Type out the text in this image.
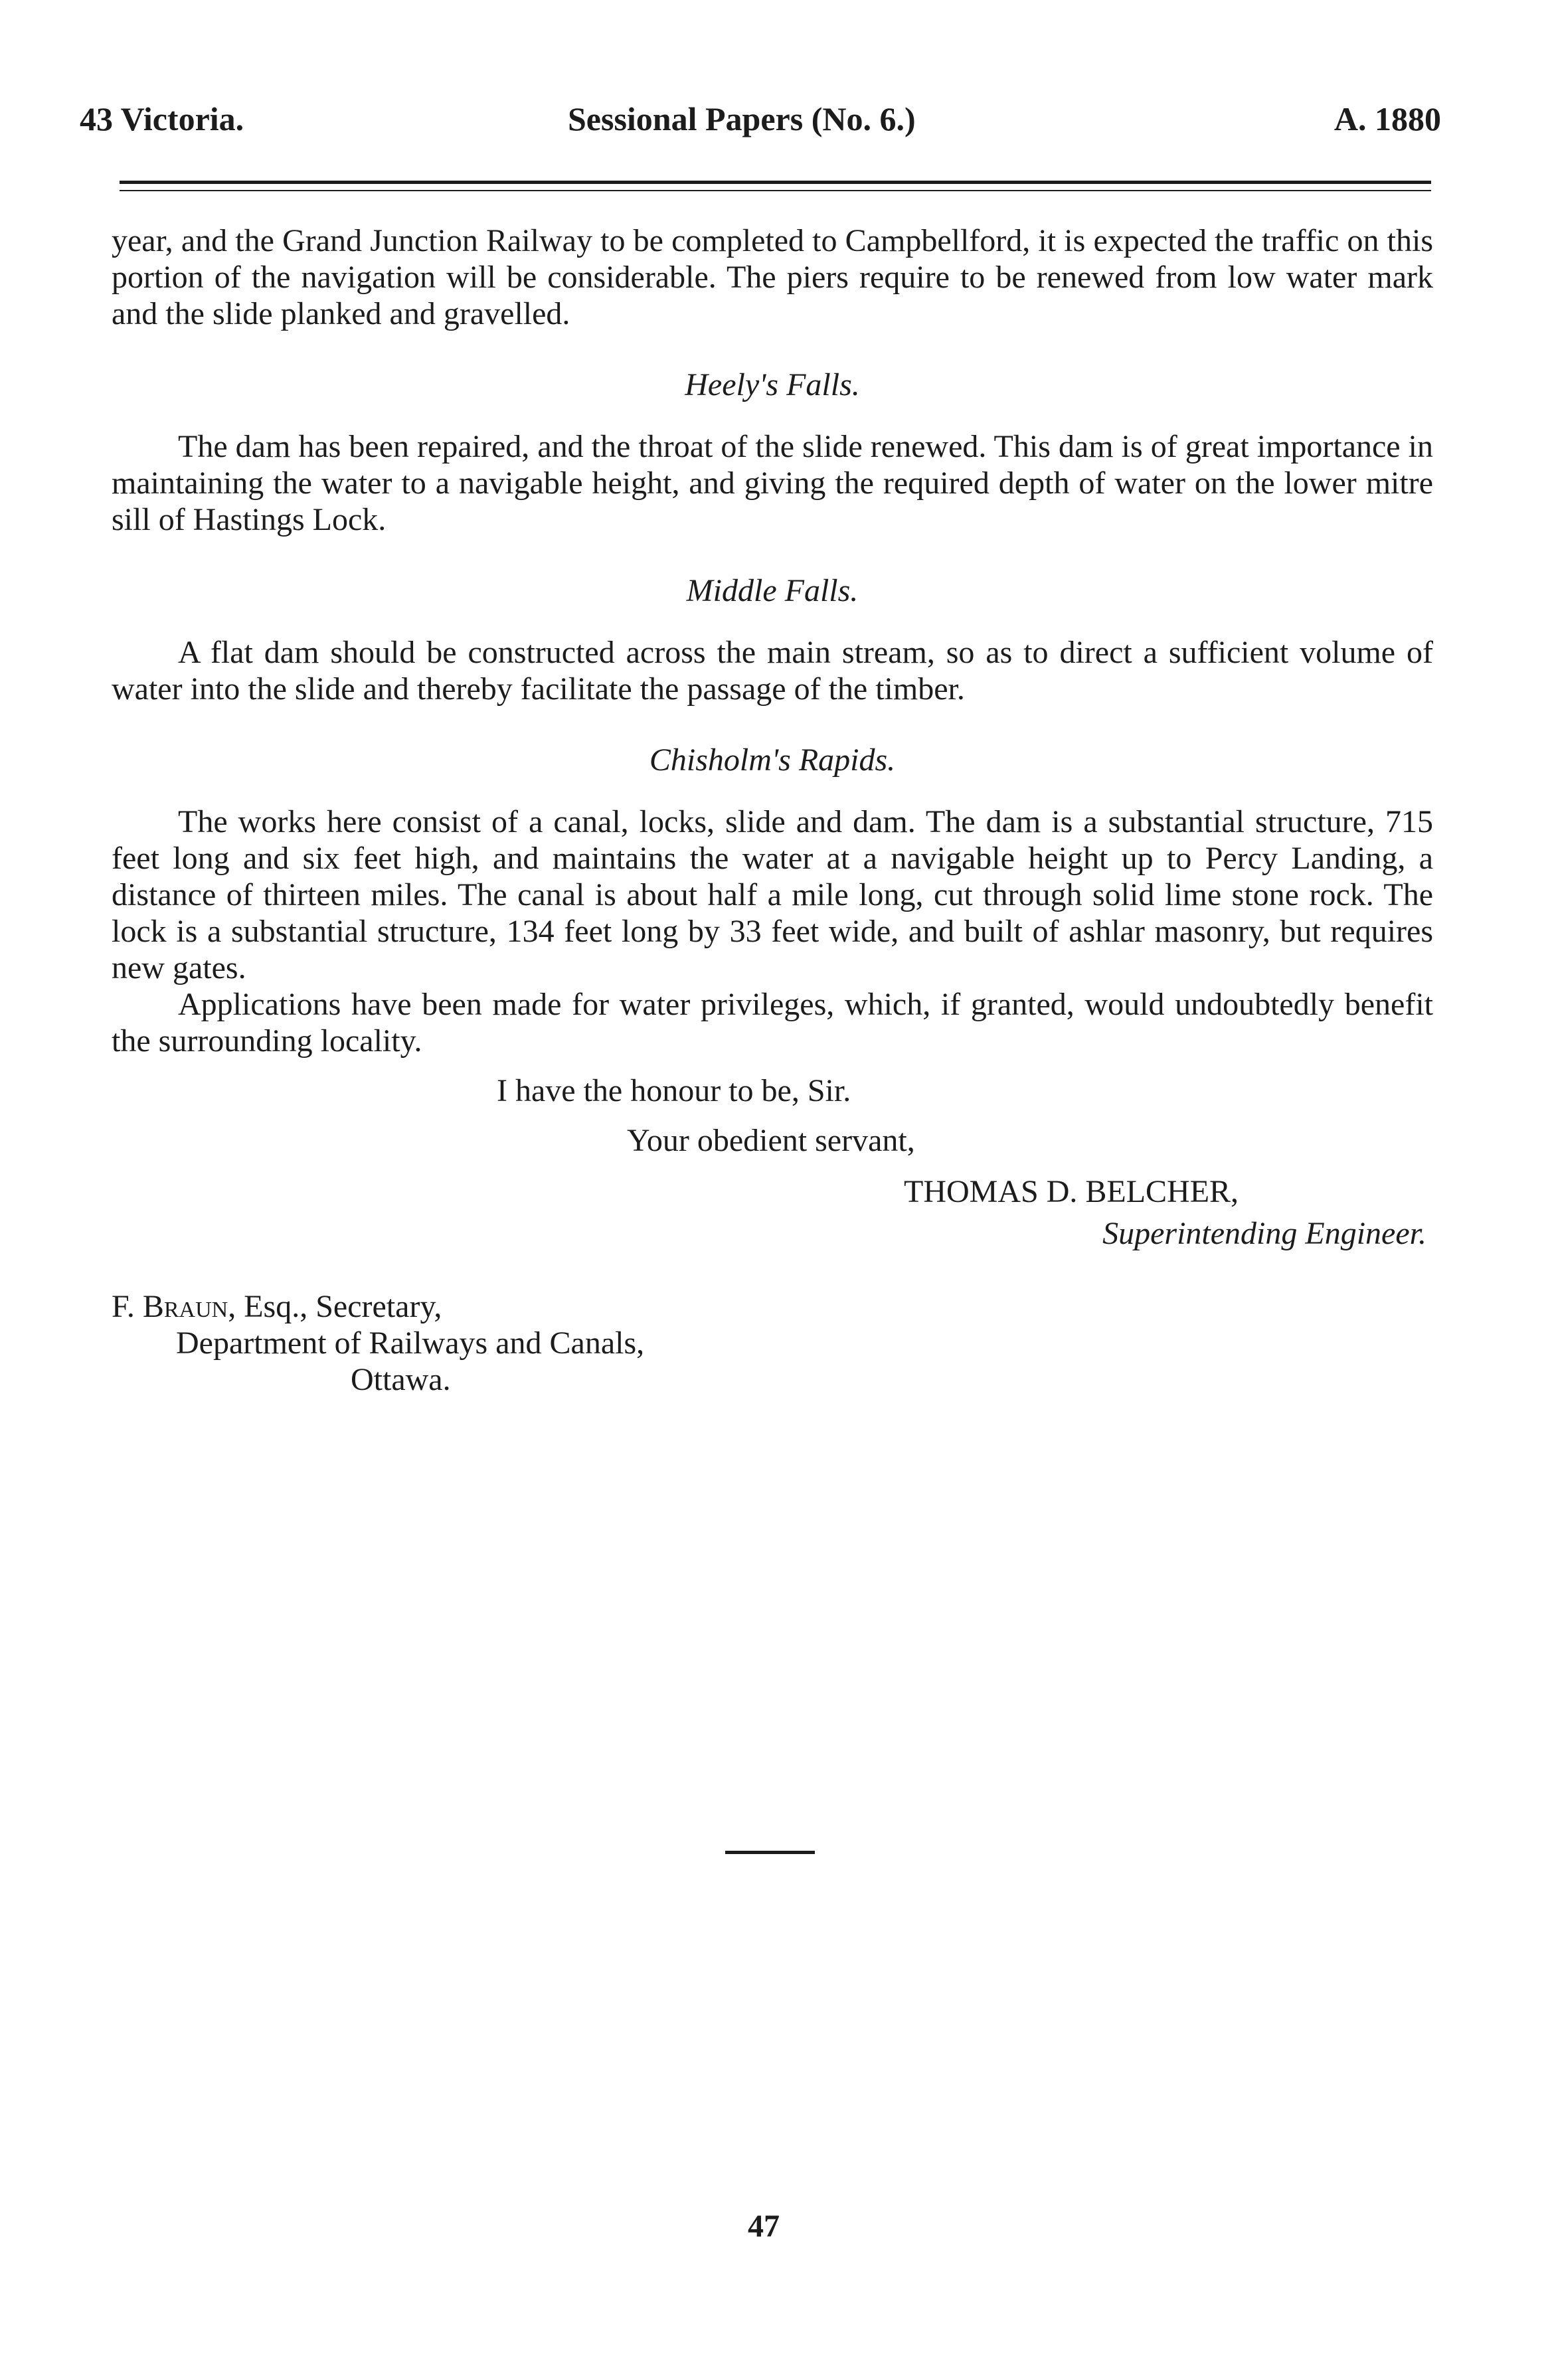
43 Victoria.	Sessional Papers (No. 6.)	A. 1880

year, and the Grand Junction Railway to be completed to Campbellford, it is expected the traffic on this portion of the navigation will be considerable. The piers require to be renewed from low water mark and the slide planked and gravelled.

Heely's Falls.

The dam has been repaired, and the throat of the slide renewed. This dam is of great importance in maintaining the water to a navigable height, and giving the required depth of water on the lower mitre sill of Hastings Lock.

Middle Falls.

A flat dam should be constructed across the main stream, so as to direct a sufficient volume of water into the slide and thereby facilitate the passage of the timber.

Chisholm's Rapids.

The works here consist of a canal, locks, slide and dam. The dam is a substantial structure, 715 feet long and six feet high, and maintains the water at a navigable height up to Percy Landing, a distance of thirteen miles. The canal is about half a mile long, cut through solid lime stone rock. The lock is a substantial structure, 134 feet long by 33 feet wide, and built of ashlar masonry, but requires new gates.

Applications have been made for water privileges, which, if granted, would undoubtedly benefit the surrounding locality.

I have the honour to be, Sir.
Your obedient servant,
THOMAS D. BELCHER,
Superintending Engineer.
F. Braun, Esq., Secretary,
Department of Railways and Canals,
Ottawa.
47
